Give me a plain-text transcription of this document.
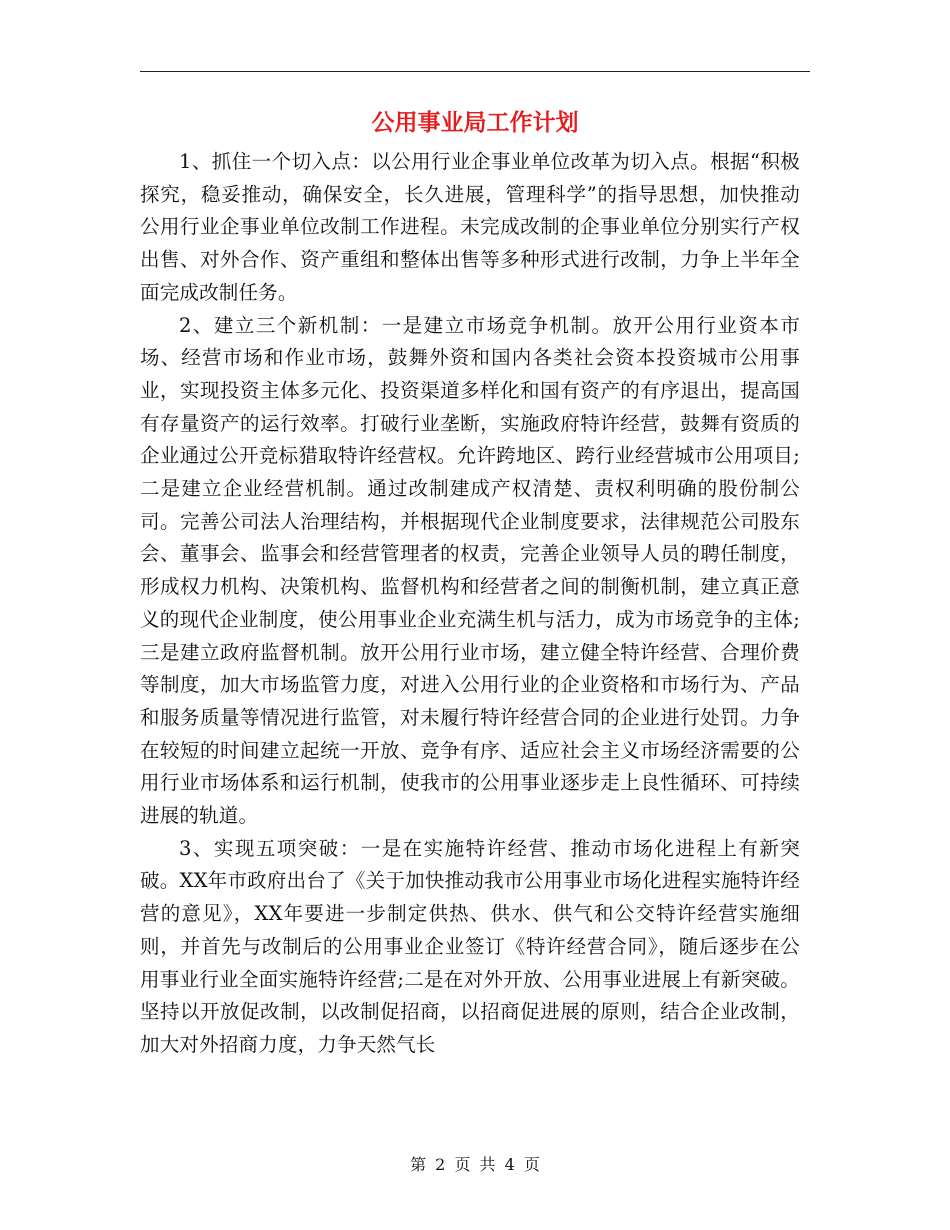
公用事业局工作计划

1、抓住一个切入点：以公用行业企事业单位改革为切入点。根据“积极探究，稳妥推动，确保安全，长久进展，管理科学”的指导思想，加快推动公用行业企事业单位改制工作进程。未完成改制的企事业单位分别实行产权出售、对外合作、资产重组和整体出售等多种形式进行改制，力争上半年全面完成改制任务。

2、建立三个新机制：一是建立市场竞争机制。放开公用行业资本市场、经营市场和作业市场，鼓舞外资和国内各类社会资本投资城市公用事业，实现投资主体多元化、投资渠道多样化和国有资产的有序退出，提高国有存量资产的运行效率。打破行业垄断，实施政府特许经营，鼓舞有资质的企业通过公开竞标猎取特许经营权。允许跨地区、跨行业经营城市公用项目;二是建立企业经营机制。通过改制建成产权清楚、责权利明确的股份制公司。完善公司法人治理结构，并根据现代企业制度要求，法律规范公司股东会、董事会、监事会和经营管理者的权责，完善企业领导人员的聘任制度，形成权力机构、决策机构、监督机构和经营者之间的制衡机制，建立真正意义的现代企业制度，使公用事业企业充满生机与活力，成为市场竞争的主体;三是建立政府监督机制。放开公用行业市场，建立健全特许经营、合理价费等制度，加大市场监管力度，对进入公用行业的企业资格和市场行为、产品和服务质量等情况进行监管，对未履行特许经营合同的企业进行处罚。力争在较短的时间建立起统一开放、竞争有序、适应社会主义市场经济需要的公用行业市场体系和运行机制，使我市的公用事业逐步走上良性循环、可持续进展的轨道。

3、实现五项突破：一是在实施特许经营、推动市场化进程上有新突破。XX年市政府出台了《关于加快推动我市公用事业市场化进程实施特许经营的意见》，XX年要进一步制定供热、供水、供气和公交特许经营实施细则，并首先与改制后的公用事业企业签订《特许经营合同》，随后逐步在公用事业行业全面实施特许经营;二是在对外开放、公用事业进展上有新突破。坚持以开放促改制，以改制促招商，以招商促进展的原则，结合企业改制，加大对外招商力度，力争天然气长

第 2 页 共 4 页
